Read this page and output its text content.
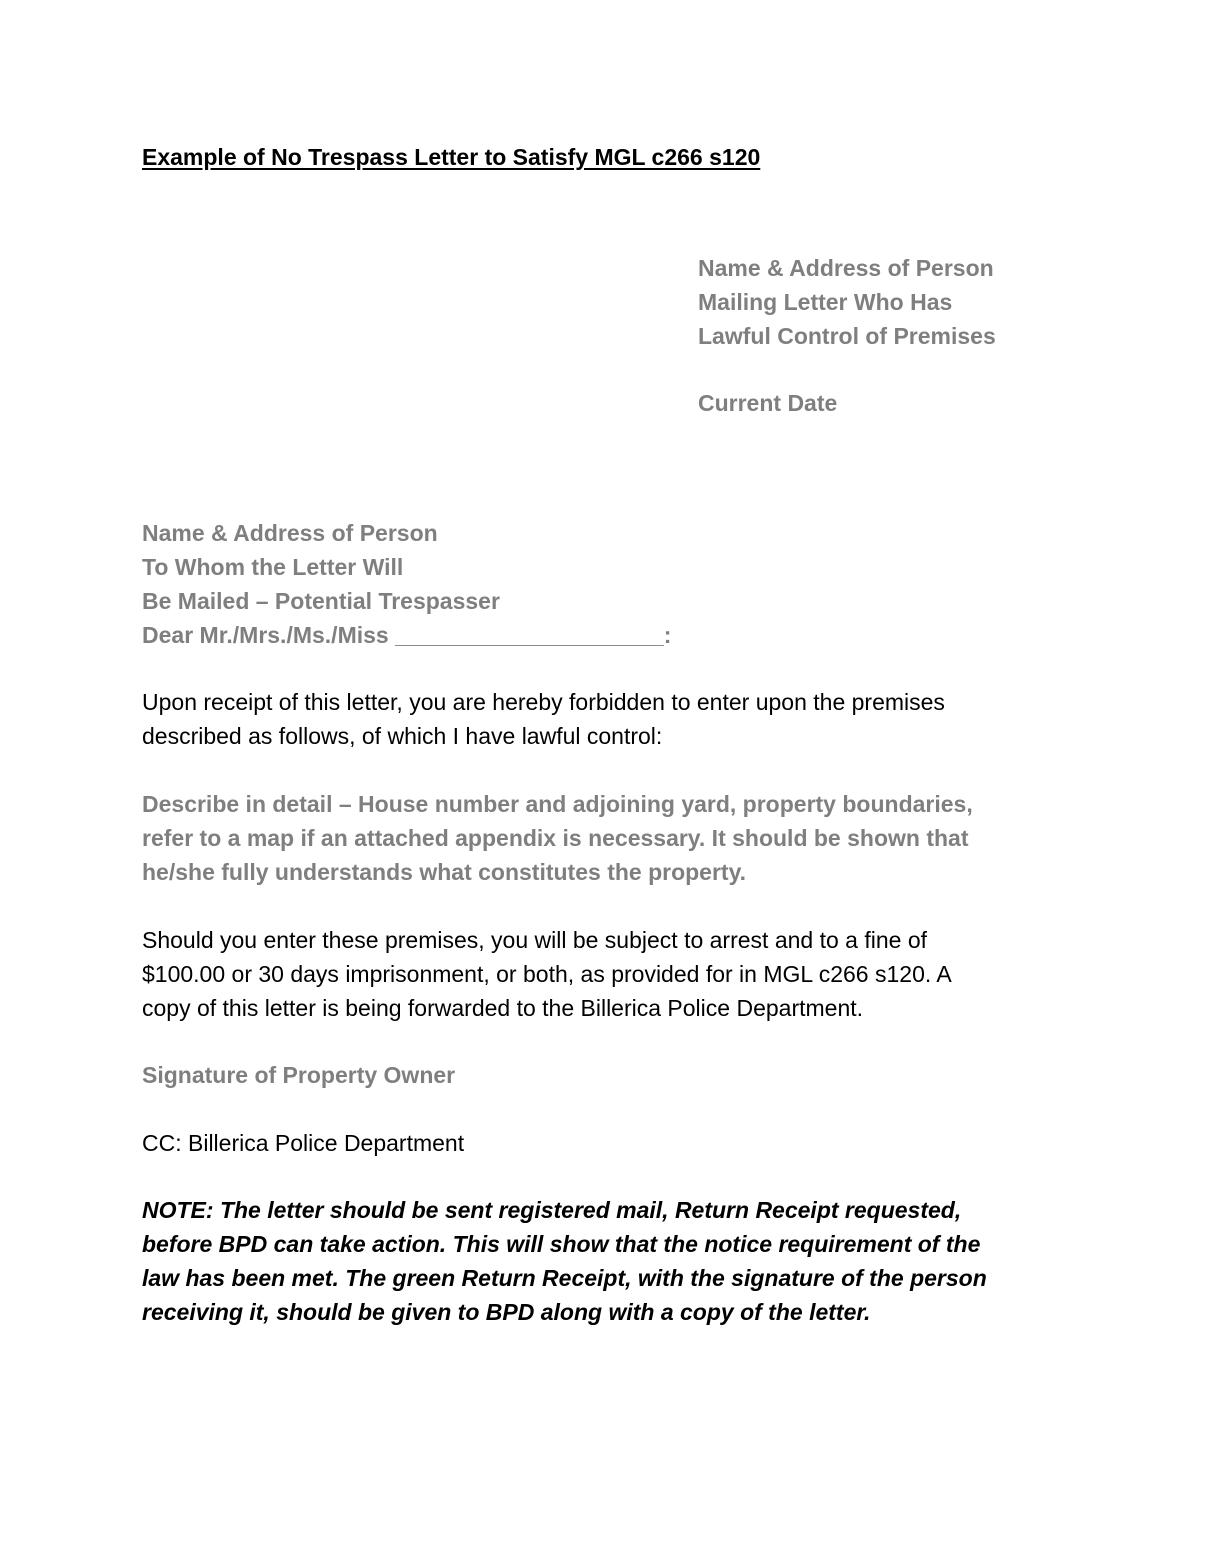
Example of No Trespass Letter to Satisfy MGL c266 s120
Name & Address of Person
Mailing Letter Who Has
Lawful Control of Premises
Current Date
Name & Address of Person
To Whom the Letter Will
Be Mailed – Potential Trespasser
Dear Mr./Mrs./Ms./Miss _____________________:
Upon receipt of this letter, you are hereby forbidden to enter upon the premises
described as follows, of which I have lawful control:
Describe in detail – House number and adjoining yard, property boundaries,
refer to a map if an attached appendix is necessary. It should be shown that
he/she fully understands what constitutes the property.
Should you enter these premises, you will be subject to arrest and to a fine of
$100.00 or 30 days imprisonment, or both, as provided for in MGL c266 s120. A
copy of this letter is being forwarded to the Billerica Police Department.
Signature of Property Owner
CC: Billerica Police Department
NOTE: The letter should be sent registered mail, Return Receipt requested,
before BPD can take action. This will show that the notice requirement of the
law has been met. The green Return Receipt, with the signature of the person
receiving it, should be given to BPD along with a copy of the letter.
